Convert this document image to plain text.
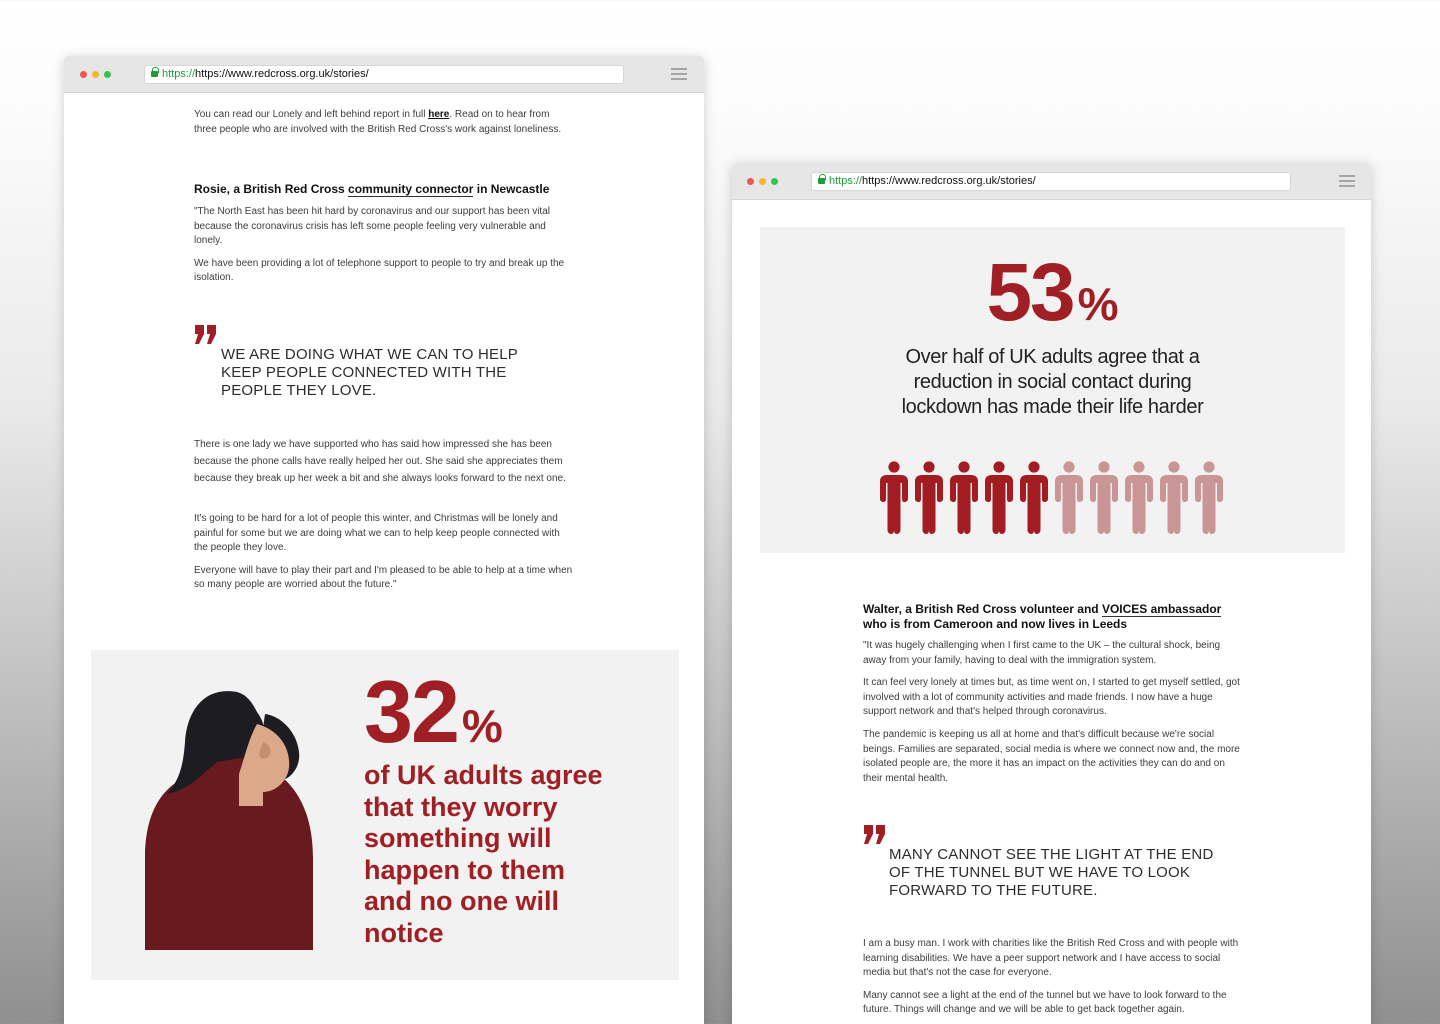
https://https://www.redcross.org.uk/stories/
You can read our Lonely and left behind report in full here. Read on to hear from three people who are involved with the British Red Cross's work against loneliness.
Rosie, a British Red Cross community connector in Newcastle

"The North East has been hit hard by coronavirus and our support has been vital because the coronavirus crisis has left some people feeling very vulnerable and lonely.

We have been providing a lot of telephone support to people to try and break up the isolation.

WE ARE DOING WHAT WE CAN TO HELP KEEP PEOPLE CONNECTED WITH THE PEOPLE THEY LOVE.

There is one lady we have supported who has said how impressed she has been because the phone calls have really helped her out. She said she appreciates them because they break up her week a bit and she always looks forward to the next one.

It's going to be hard for a lot of people this winter, and Christmas will be lonely and painful for some but we are doing what we can to help keep people connected with the people they love.

Everyone will have to play their part and I'm pleased to be able to help at a time when so many people are worried about the future."

32%
of UK adults agree that they worry something will happen to them and no one will notice
https://https://www.redcross.org.uk/stories/
53%
Over half of UK adults agree that a reduction in social contact during lockdown has made their life harder
Walter, a British Red Cross volunteer and VOICES ambassador who is from Cameroon and now lives in Leeds

"It was hugely challenging when I first came to the UK – the cultural shock, being away from your family, having to deal with the immigration system.

It can feel very lonely at times but, as time went on, I started to get myself settled, got involved with a lot of community activities and made friends. I now have a huge support network and that's helped through coronavirus.

The pandemic is keeping us all at home and that's difficult because we're social beings. Families are separated, social media is where we connect now and, the more isolated people are, the more it has an impact on the activities they can do and on their mental health.

MANY CANNOT SEE THE LIGHT AT THE END OF THE TUNNEL BUT WE HAVE TO LOOK FORWARD TO THE FUTURE.

I am a busy man. I work with charities like the British Red Cross and with people with learning disabilities. We have a peer support network and I have access to social media but that's not the case for everyone.

Many cannot see a light at the end of the tunnel but we have to look forward to the future. Things will change and we will be able to get back together again.
